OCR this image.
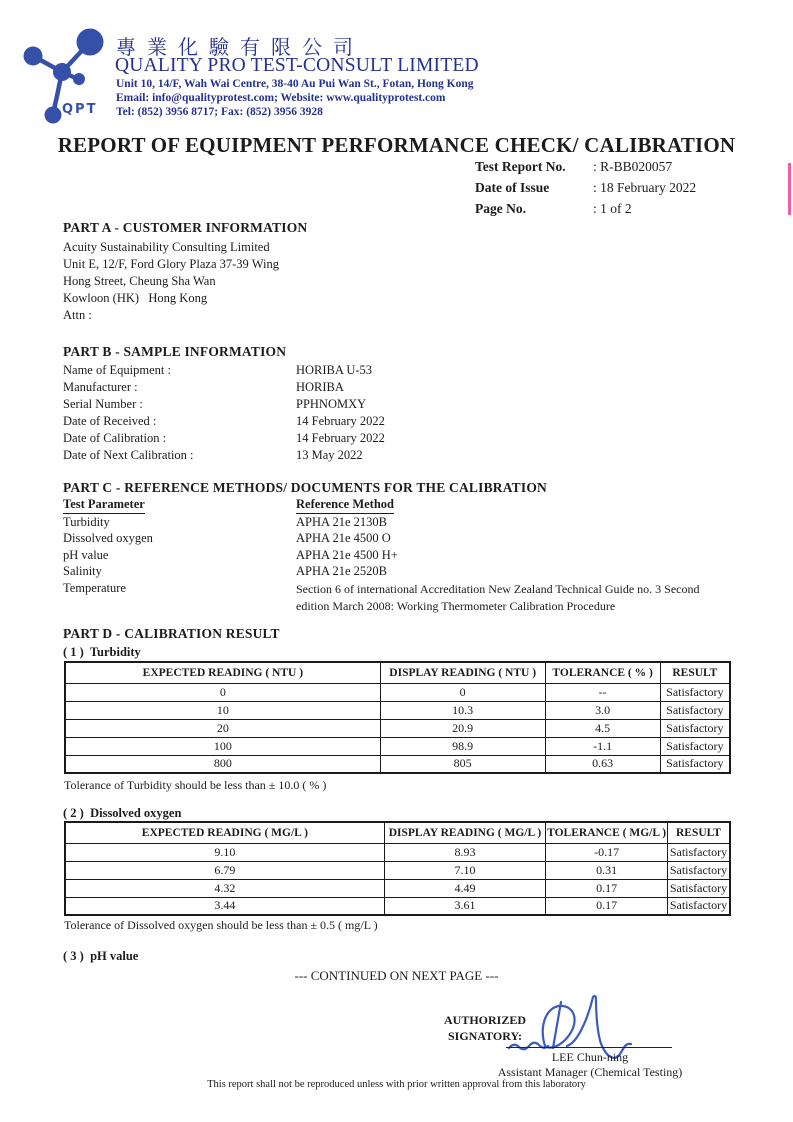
QPT
專業化驗有限公司
QUALITY PRO TEST-CONSULT LIMITED
Unit 10, 14/F, Wah Wai Centre, 38-40 Au Pui Wan St., Fotan, Hong Kong
Email: info@qualityprotest.com; Website: www.qualityprotest.com
Tel: (852) 3956 8717; Fax: (852) 3956 3928
REPORT OF EQUIPMENT PERFORMANCE CHECK/ CALIBRATION
Test Report No. : R-BB020057
Date of Issue	: 18 February 2022
Page No.	: 1 of 2
PART A - CUSTOMER INFORMATION
Acuity Sustainability Consulting Limited
Unit E, 12/F, Ford Glory Plaza 37-39 Wing
Hong Street, Cheung Sha Wan
Kowloon (HK)   Hong Kong
Attn :
PART B - SAMPLE INFORMATION
Name of Equipment :	HORIBA U-53
Manufacturer :	HORIBA
Serial Number :	PPHNOMXY
Date of Received :	14 February 2022
Date of Calibration :	14 February 2022
Date of Next Calibration :	13 May 2022
PART C - REFERENCE METHODS/ DOCUMENTS FOR THE CALIBRATION
Test Parameter	Reference Method
Turbidity	APHA 21e 2130B
Dissolved oxygen	APHA 21e 4500 O
pH value	APHA 21e 4500 H+
Salinity	APHA 21e 2520B
Temperature	Section 6 of international Accreditation New Zealand Technical Guide no. 3 Second edition March 2008: Working Thermometer Calibration Procedure
PART D - CALIBRATION RESULT
( 1 )  Turbidity
EXPECTED READING ( NTU )	DISPLAY READING ( NTU )	TOLERANCE ( % )	RESULT
0	0	--	Satisfactory
10	10.3	3.0	Satisfactory
20	20.9	4.5	Satisfactory
100	98.9	-1.1	Satisfactory
800	805	0.63	Satisfactory
Tolerance of Turbidity should be less than ± 10.0 ( % )
( 2 )  Dissolved oxygen
EXPECTED READING ( MG/L )	DISPLAY READING ( MG/L )	TOLERANCE ( MG/L )	RESULT
9.10	8.93	-0.17	Satisfactory
6.79	7.10	0.31	Satisfactory
4.32	4.49	0.17	Satisfactory
3.44	3.61	0.17	Satisfactory
Tolerance of Dissolved oxygen should be less than ± 0.5 ( mg/L )
( 3 )  pH value
--- CONTINUED ON NEXT PAGE ---
AUTHORIZED
SIGNATORY:
LEE Chun-ning
Assistant Manager (Chemical Testing)
This report shall not be reproduced unless with prior written approval from this laboratory
